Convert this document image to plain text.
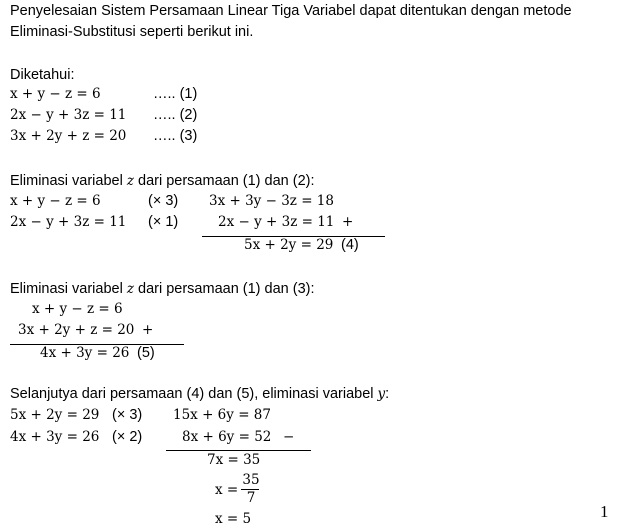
Penyelesaian Sistem Persamaan Linear Tiga Variabel dapat ditentukan dengan metode
Eliminasi-Substitusi seperti berikut ini.
Diketahui:
x + y − z = 6	….. (1)
2x − y + 3z = 11 ….. (2)
3x + 2y + z = 20 ….. (3)
Eliminasi variabel z dari persamaan (1) dan (2):
x + y − z = 6
2x − y + 3z = 11
(× 3)
(× 1)
3x + 3y − 3z = 18
2x − y + 3z = 11 +
5x + 2y = 29 (4)
Eliminasi variabel z dari persamaan (1) dan (3):
x + y − z = 6
3x + 2y + z = 20 +
4x + 3y = 26 (5)
Selanjutya dari persamaan (4) dan (5), eliminasi variabel y:
5x + 2y = 29
4x + 3y = 26
(× 3)
(× 2)
15x + 6y = 87
8x + 6y = 52 −
7x = 35
x =
35
7
x = 5	1
